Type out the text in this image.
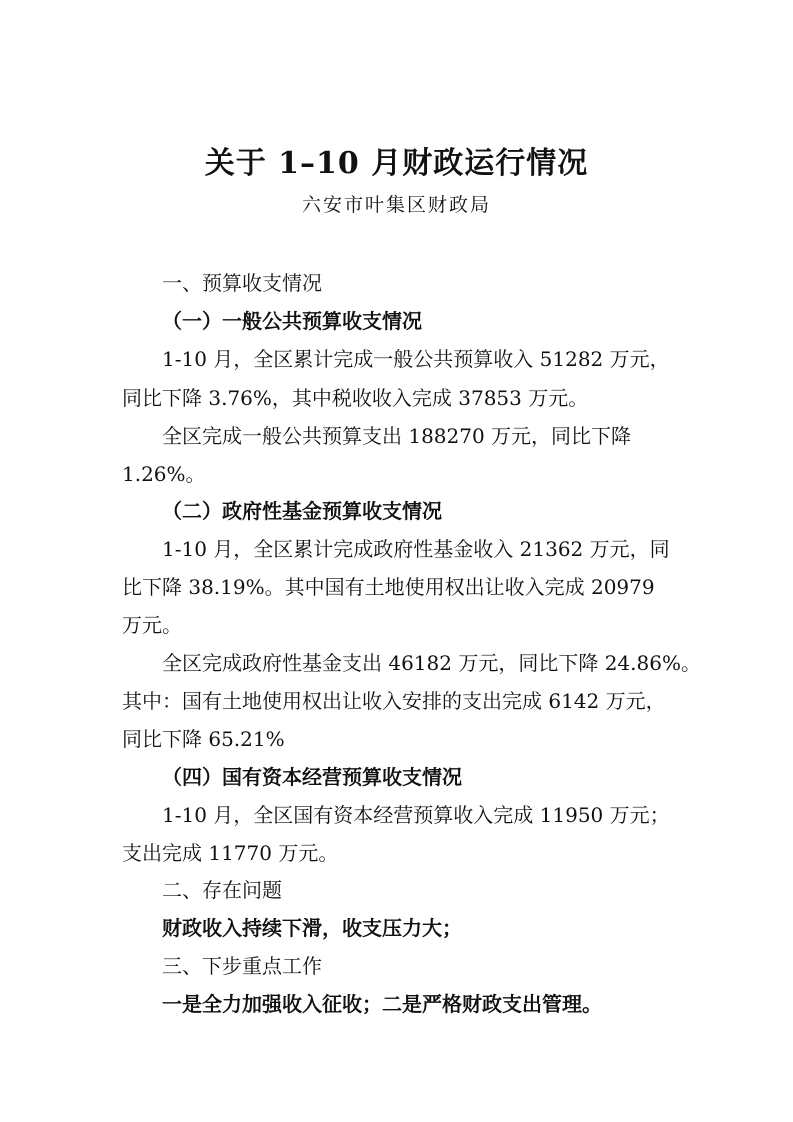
关于 1–10 月财政运行情况
六安市叶集区财政局
一、预算收支情况
（一）一般公共预算收支情况
1-10 月，全区累计完成一般公共预算收入 51282 万元，
同比下降 3.76%，其中税收收入完成 37853 万元。
全区完成一般公共预算支出 188270 万元，同比下降
1.26%。
（二）政府性基金预算收支情况
1-10 月，全区累计完成政府性基金收入 21362 万元，同
比下降 38.19%。其中国有土地使用权出让收入完成 20979
万元。
全区完成政府性基金支出 46182 万元，同比下降 24.86%。
其中：国有土地使用权出让收入安排的支出完成 6142 万元，
同比下降 65.21%
（四）国有资本经营预算收支情况
1-10 月，全区国有资本经营预算收入完成 11950 万元；
支出完成 11770 万元。
二、存在问题
财政收入持续下滑，收支压力大；
三、下步重点工作
一是全力加强收入征收；二是严格财政支出管理。
